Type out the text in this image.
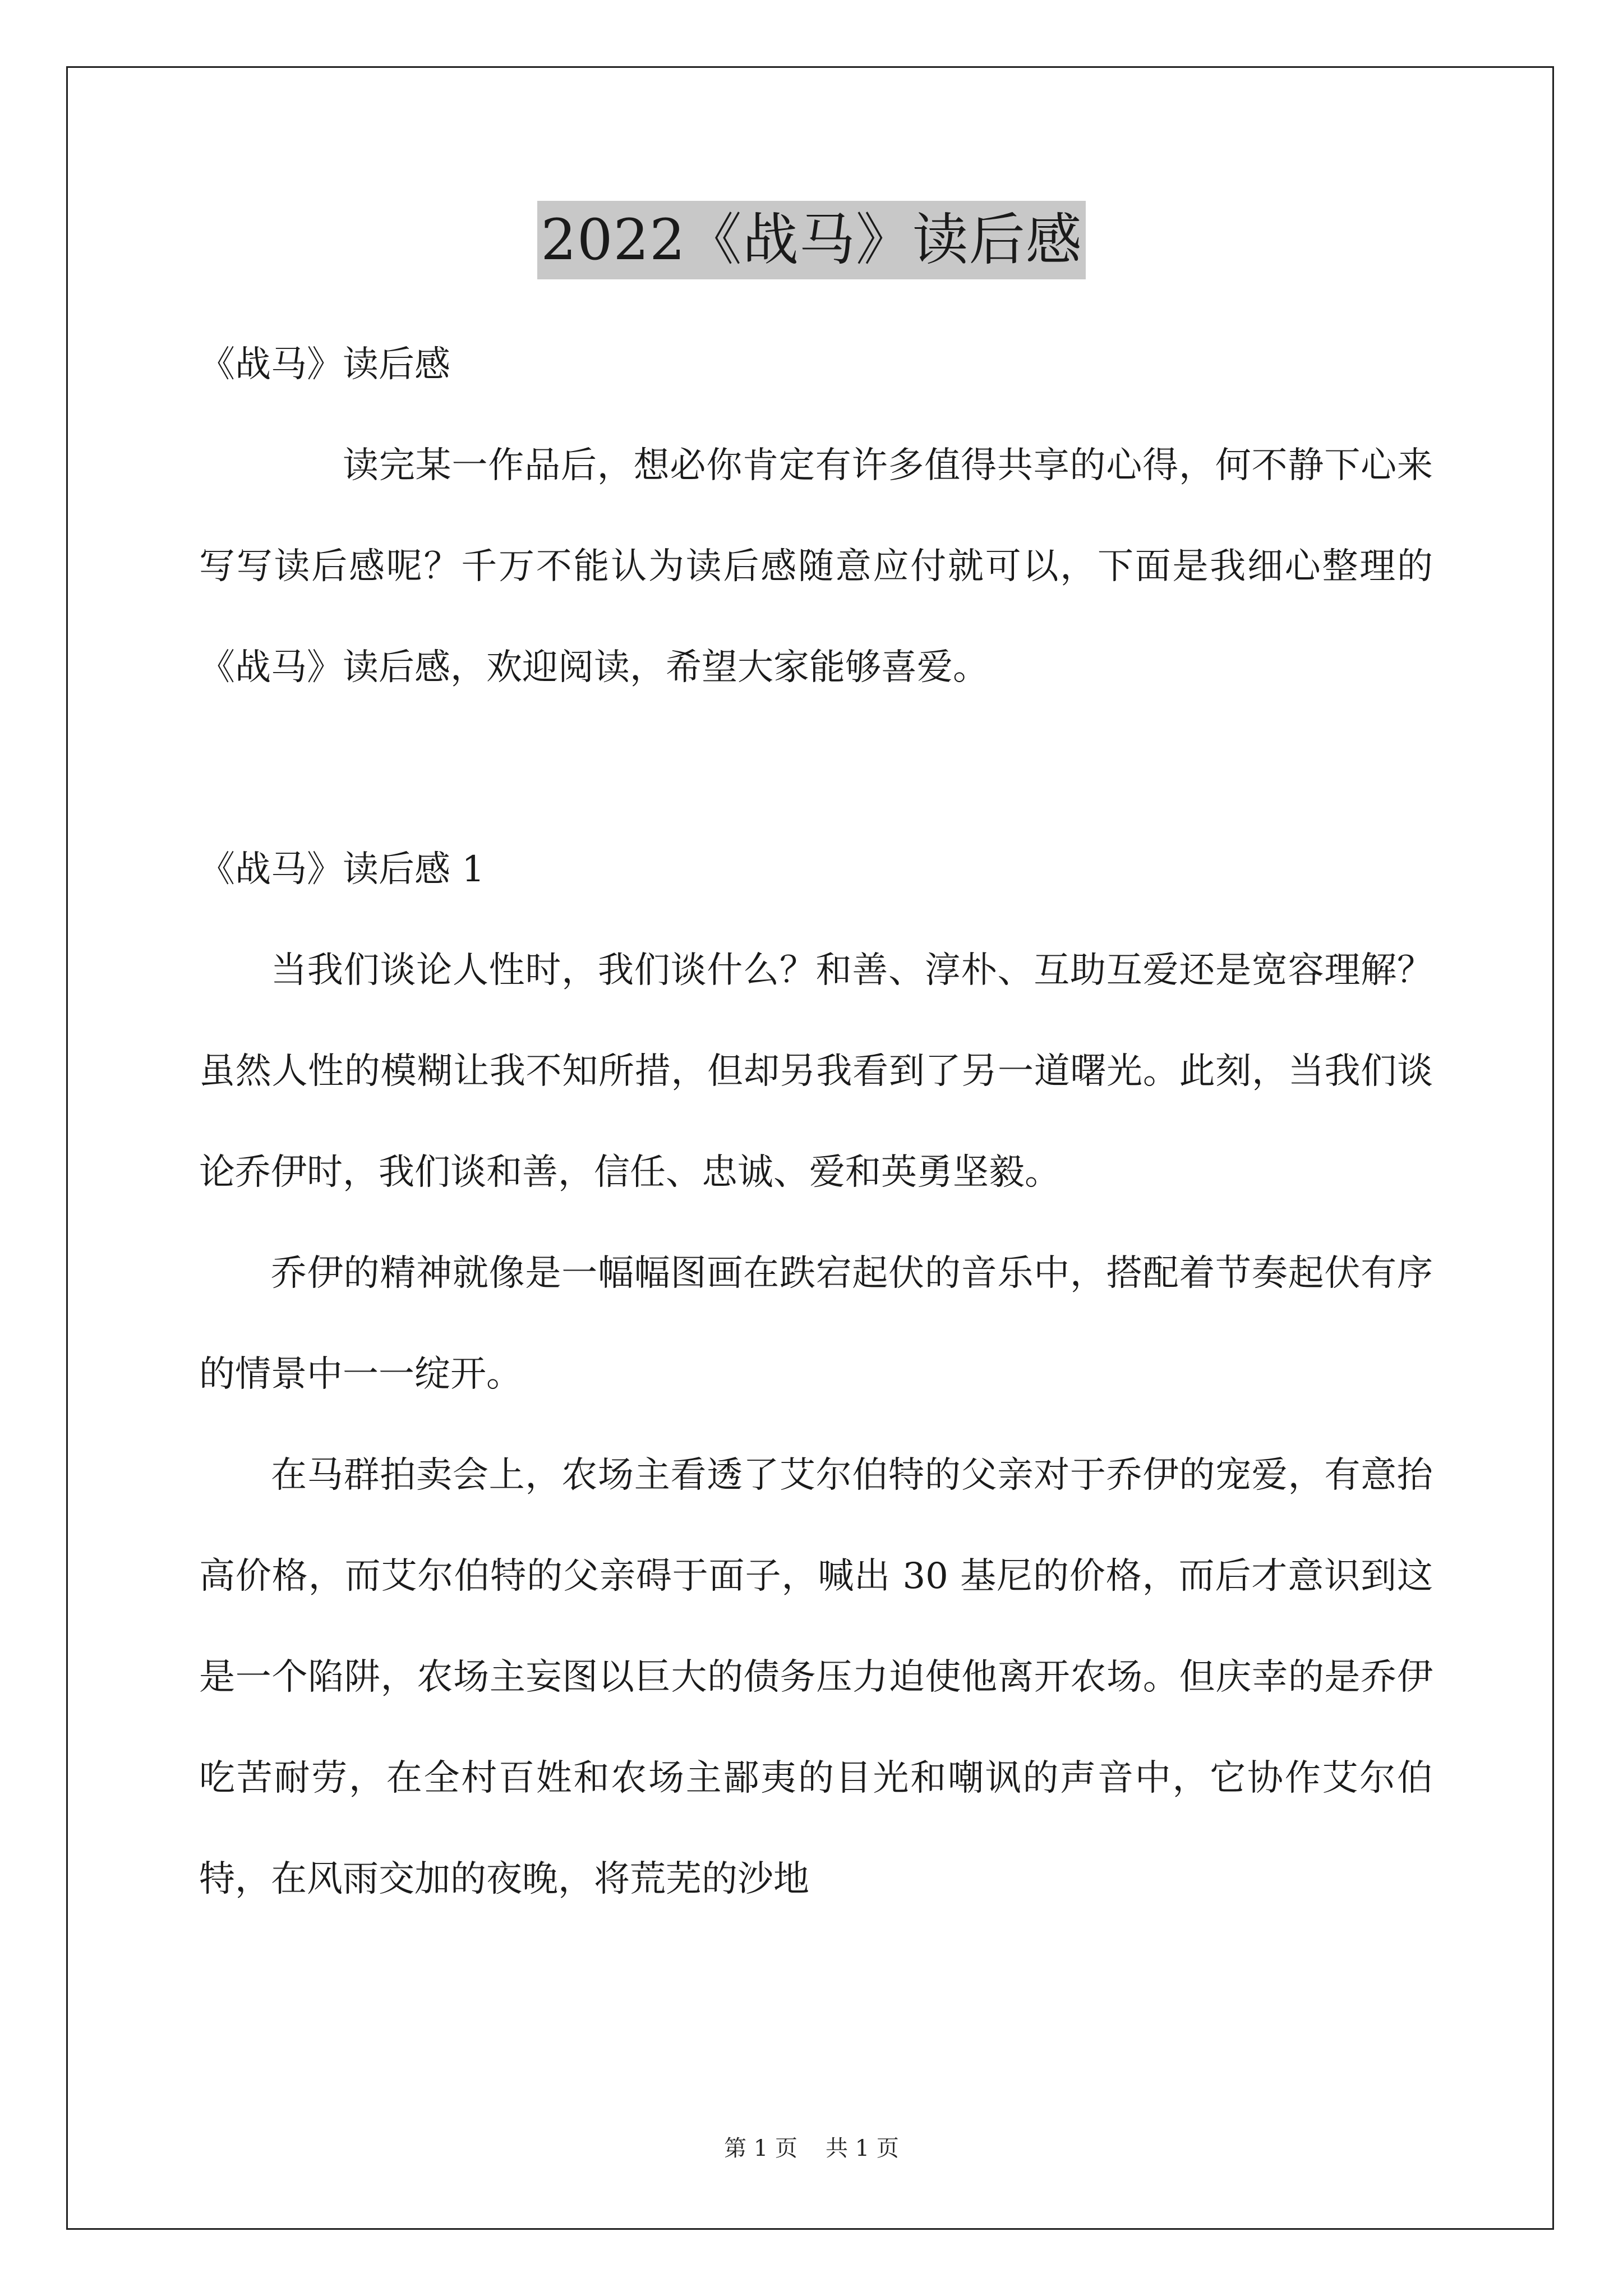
2022《战马》读后感

《战马》读后感

读完某一作品后，想必你肯定有许多值得共享的心得，何不静下心来写写读后感呢？千万不能认为读后感随意应付就可以，下面是我细心整理的《战马》读后感，欢迎阅读，希望大家能够喜爱。

《战马》读后感 1

当我们谈论人性时，我们谈什么？和善、淳朴、互助互爱还是宽容理解？虽然人性的模糊让我不知所措，但却另我看到了另一道曙光。此刻，当我们谈论乔伊时，我们谈和善，信任、忠诚、爱和英勇坚毅。

乔伊的精神就像是一幅幅图画在跌宕起伏的音乐中，搭配着节奏起伏有序的情景中一一绽开。

在马群拍卖会上，农场主看透了艾尔伯特的父亲对于乔伊的宠爱，有意抬高价格，而艾尔伯特的父亲碍于面子，喊出 30 基尼的价格，而后才意识到这是一个陷阱，农场主妄图以巨大的债务压力迫使他离开农场。但庆幸的是乔伊吃苦耐劳，在全村百姓和农场主鄙夷的目光和嘲讽的声音中，它协作艾尔伯特，在风雨交加的夜晚，将荒芜的沙地

第 1 页 共 1 页
